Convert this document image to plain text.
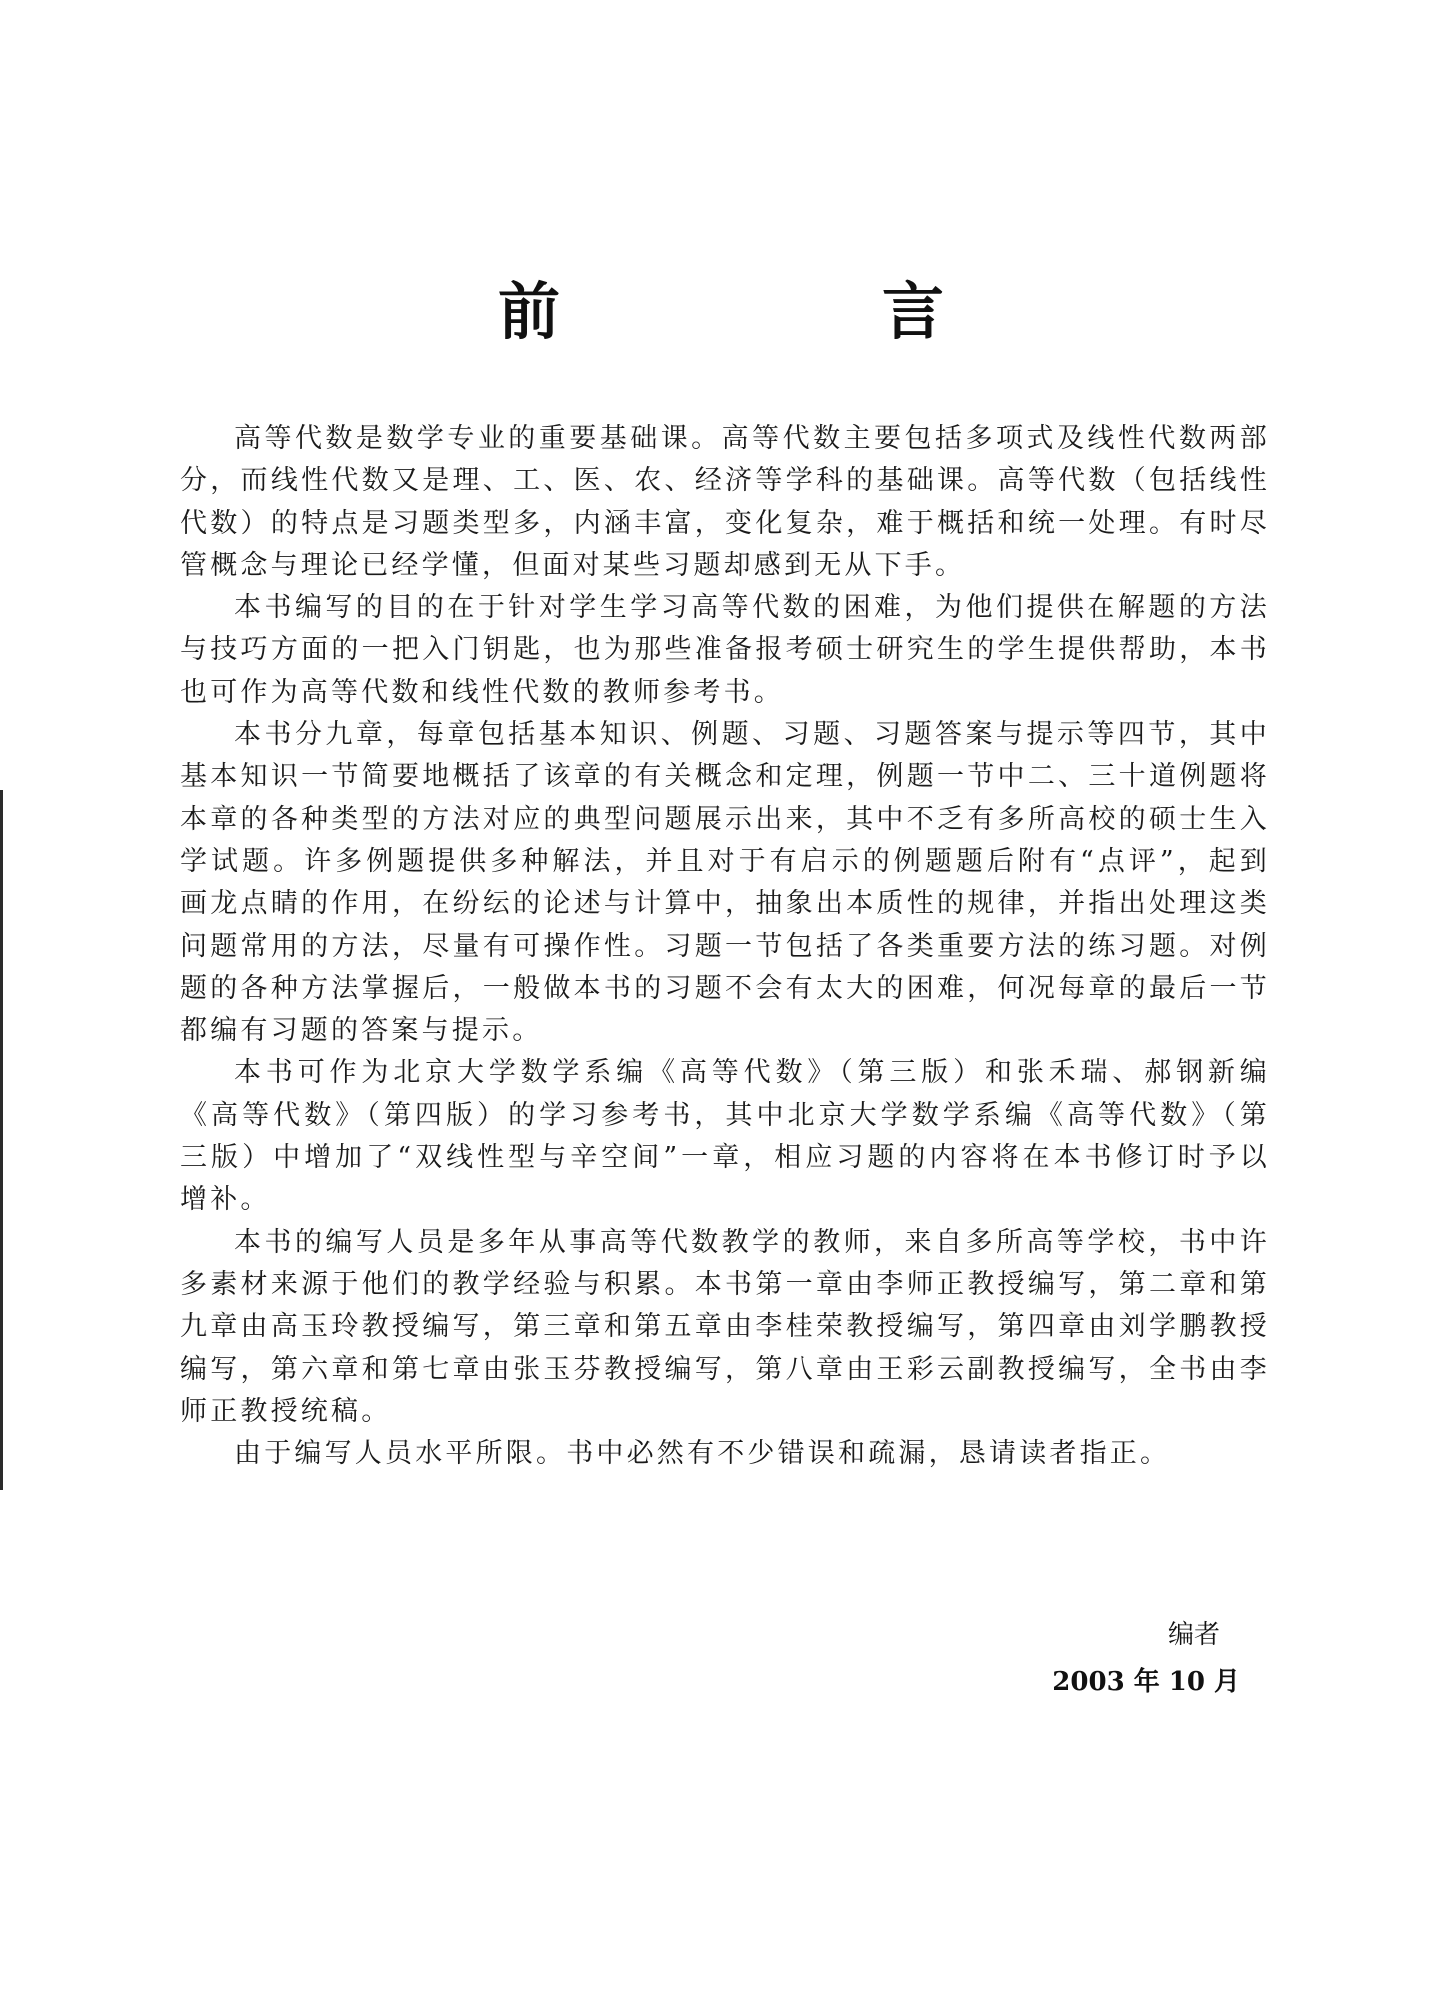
前　言

高等代数是数学专业的重要基础课。高等代数主要包括多项式及线性代数两部分，而线性代数又是理、工、医、农、经济等学科的基础课。高等代数（包括线性代数）的特点是习题类型多，内涵丰富，变化复杂，难于概括和统一处理。有时尽管概念与理论已经学懂，但面对某些习题却感到无从下手。

本书编写的目的在于针对学生学习高等代数的困难，为他们提供在解题的方法与技巧方面的一把入门钥匙，也为那些准备报考硕士研究生的学生提供帮助，本书也可作为高等代数和线性代数的教师参考书。

本书分九章，每章包括基本知识、例题、习题、习题答案与提示等四节，其中基本知识一节简要地概括了该章的有关概念和定理，例题一节中二、三十道例题将本章的各种类型的方法对应的典型问题展示出来，其中不乏有多所高校的硕士生入学试题。许多例题提供多种解法，并且对于有启示的例题题后附有“点评”，起到画龙点睛的作用，在纷纭的论述与计算中，抽象出本质性的规律，并指出处理这类问题常用的方法，尽量有可操作性。习题一节包括了各类重要方法的练习题。对例题的各种方法掌握后，一般做本书的习题不会有太大的困难，何况每章的最后一节都编有习题的答案与提示。

本书可作为北京大学数学系编《高等代数》（第三版）和张禾瑞、郝钢新编《高等代数》（第四版）的学习参考书，其中北京大学数学系编《高等代数》（第三版）中增加了“双线性型与辛空间”一章，相应习题的内容将在本书修订时予以增补。

本书的编写人员是多年从事高等代数教学的教师，来自多所高等学校，书中许多素材来源于他们的教学经验与积累。本书第一章由李师正教授编写，第二章和第九章由高玉玲教授编写，第三章和第五章由李桂荣教授编写，第四章由刘学鹏教授编写，第六章和第七章由张玉芬教授编写，第八章由王彩云副教授编写，全书由李师正教授统稿。

由于编写人员水平所限。书中必然有不少错误和疏漏，恳请读者指正。

编者
2003 年 10 月
